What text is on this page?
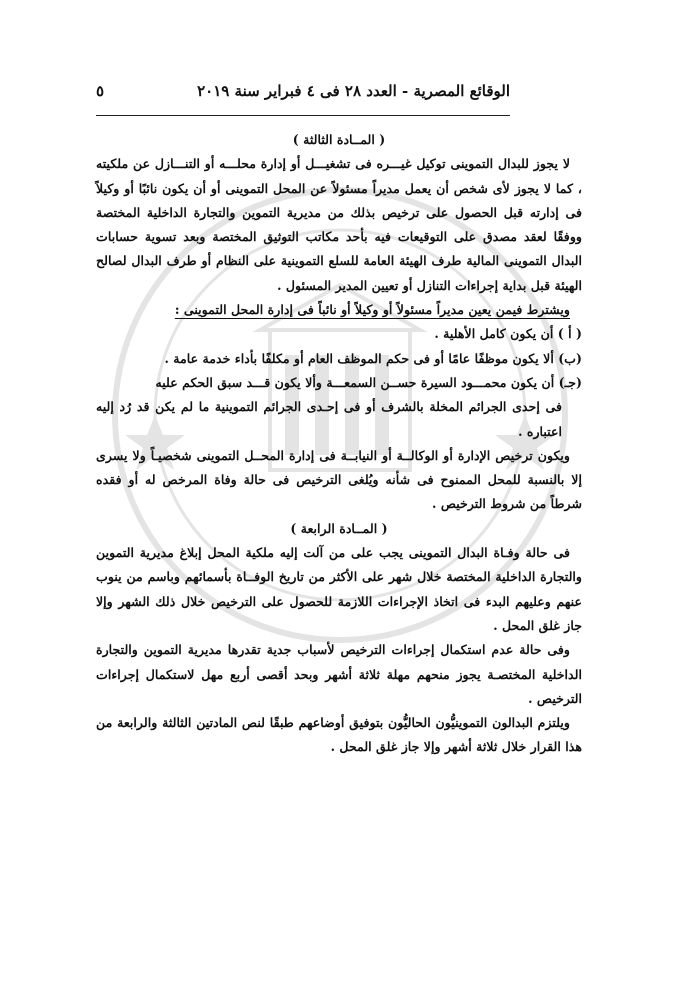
الوقائع المصرية - العدد ٢٨ فى ٤ فبراير سنة ٢٠١٩
٥
( المــادة الثالثة )

لا يجوز للبدال التموينى توكيل غيـــره فى تشغيـــل أو إدارة محلـــه أو التنـــازل عن ملكيته ، كما لا يجوز لأى شخص أن يعمل مديراً مسئولاً عن المحل التموينى أو أن يكون نائبًا أو وكيلاً فى إدارته قبل الحصول على ترخيص بذلك من مديرية التموين والتجارة الداخلية المختصة ووفقًا لعقد مصدق على التوقيعات فيه بأحد مكاتب التوثيق المختصة وبعد تسوية حسابات البدال التموينى المالية طرف الهيئة العامة للسلع التموينية على النظام أو طرف البدال لصالح الهيئة قبل بداية إجراءات التنازل أو تعيين المدير المسئول .

ويشترط فيمن يعين مديراً مسئولاً أو وكيلاً أو نائباً فى إدارة المحل التموينى :

( أ ) أن يكون كامل الأهلية .

(ب) ألا يكون موظفًا عامًا أو فى حكم الموظف العام أو مكلفًا بأداء خدمة عامة .

(جـ) أن يكون محمـــود السيرة حســن السمعـــة وألا يكون قـــد سبق الحكم عليه

فى إحدى الجرائم المخلة بالشرف أو فى إحـدى الجرائم التموينية ما لم يكن قد رُد إليه اعتباره .

ويكون ترخيص الإدارة أو الوكالــة أو النيابــة فى إدارة المحــل التموينى شخصيـاً ولا يسرى إلا بالنسبة للمحل الممنوح فى شأنه ويُلغى الترخيص فى حالة وفاة المرخص له أو فقده شرطاً من شروط الترخيص .

( المــادة الرابعة )

فى حالة وفـاة البدال التموينى يجب على من آلت إليه ملكية المحل إبلاغ مديرية التموين والتجارة الداخلية المختصة خلال شهر على الأكثر من تاريخ الوفــاة بأسمائهم وباسم من ينوب عنهم وعليهم البدء فى اتخاذ الإجراءات اللازمة للحصول على الترخيص خلال ذلك الشهر وإلا جاز غلق المحل .

وفى حالة عدم استكمال إجراءات الترخيص لأسباب جدية تقدرها مديرية التموين والتجارة الداخلية المختصـة يجوز منحهم مهلة ثلاثة أشهر وبحد أقصى أربع مهل لاستكمال إجراءات الترخيص .

ويلتزم البدالون التموينيُّون الحاليُّون بتوفيق أوضاعهم طبقًا لنص المادتين الثالثة والرابعة من هذا القرار خلال ثلاثة أشهر وإلا جاز غلق المحل .
